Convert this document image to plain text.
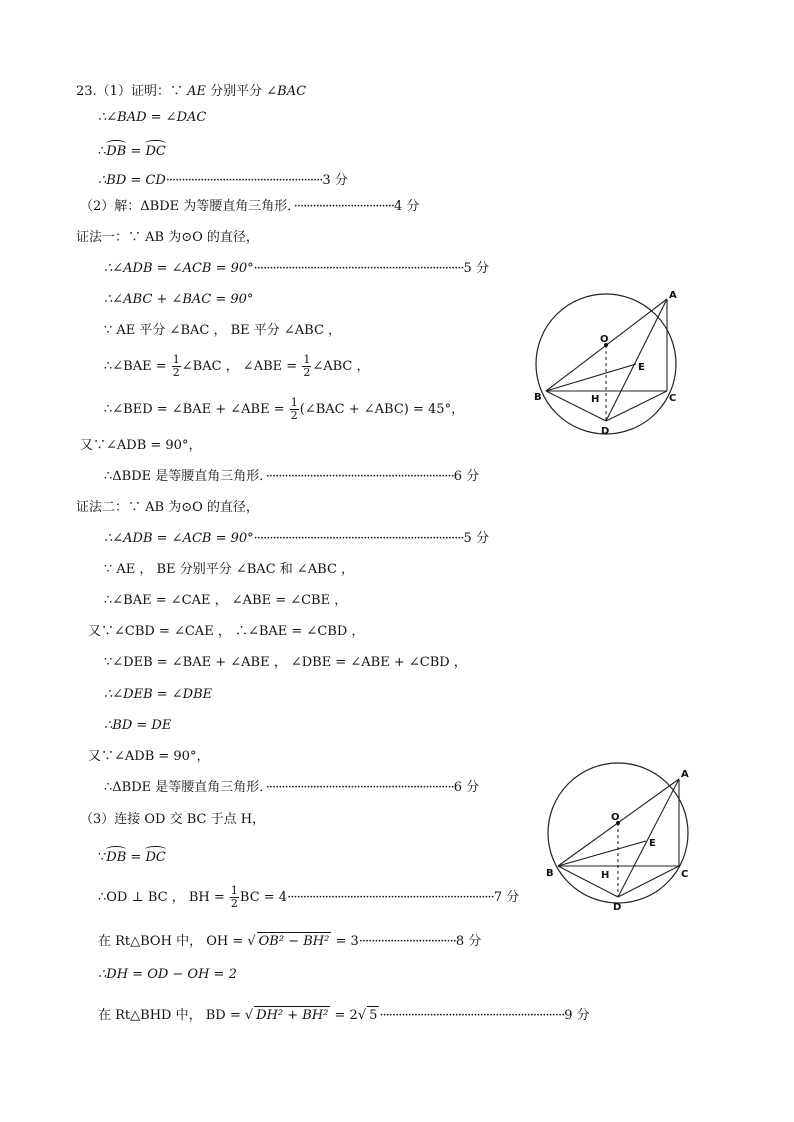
23.（1）证明：∵ AE 分别平分 ∠BAC
∴∠BAD = ∠DAC
∴DB = DC
∴BD = CD··················································3 分
（2）解：ΔBDE 为等腰直角三角形．································4 分
证法一：∵ AB 为⊙O 的直径，
∴∠ADB = ∠ACB = 90°···································································5 分
∴∠ABC + ∠BAC = 90°
∵ AE 平分 ∠BAC ， BE 平分 ∠ABC ，
∴∠BAE = $\frac{1}{2}$ ∠BAC ， ∠ABE = $\frac{1}{2}$ ∠ABC ，
∴∠BED = ∠BAE + ∠ABE = $\frac{1}{2}$ (∠BAC + ∠ABC) = 45°，
又∵∠ADB = 90°，
∴ΔBDE 是等腰直角三角形．····························································6 分
证法二：∵ AB 为⊙O 的直径，
∴∠ADB = ∠ACB = 90°···································································5 分
∵ AE ， BE 分别平分 ∠BAC 和 ∠ABC ，
∴∠BAE = ∠CAE ， ∠ABE = ∠CBE ，
又∵∠CBD = ∠CAE ， ∴∠BAE = ∠CBD ，
∵∠DEB = ∠BAE + ∠ABE ， ∠DBE = ∠ABE + ∠CBD ，
∴∠DEB = ∠DBE
∴BD = DE
又∵∠ADB = 90°，
∴ΔBDE 是等腰直角三角形．····························································6 分
（3）连接 OD 交 BC 于点 H，
∵DB = DC
∴OD ⊥ BC ， BH = $\frac{1}{2}$ BC = 4··································································7 分
在 Rt△BOH 中， OH = √ OB² − BH² = 3·······························8 分
∴DH = OD − OH = 2
在 Rt△BHD 中， BD = √ DH² + BH² = 2√ 5 ···························································9 分
A
B	C
D
E
H
O
A
B	C
D
E
H
O
